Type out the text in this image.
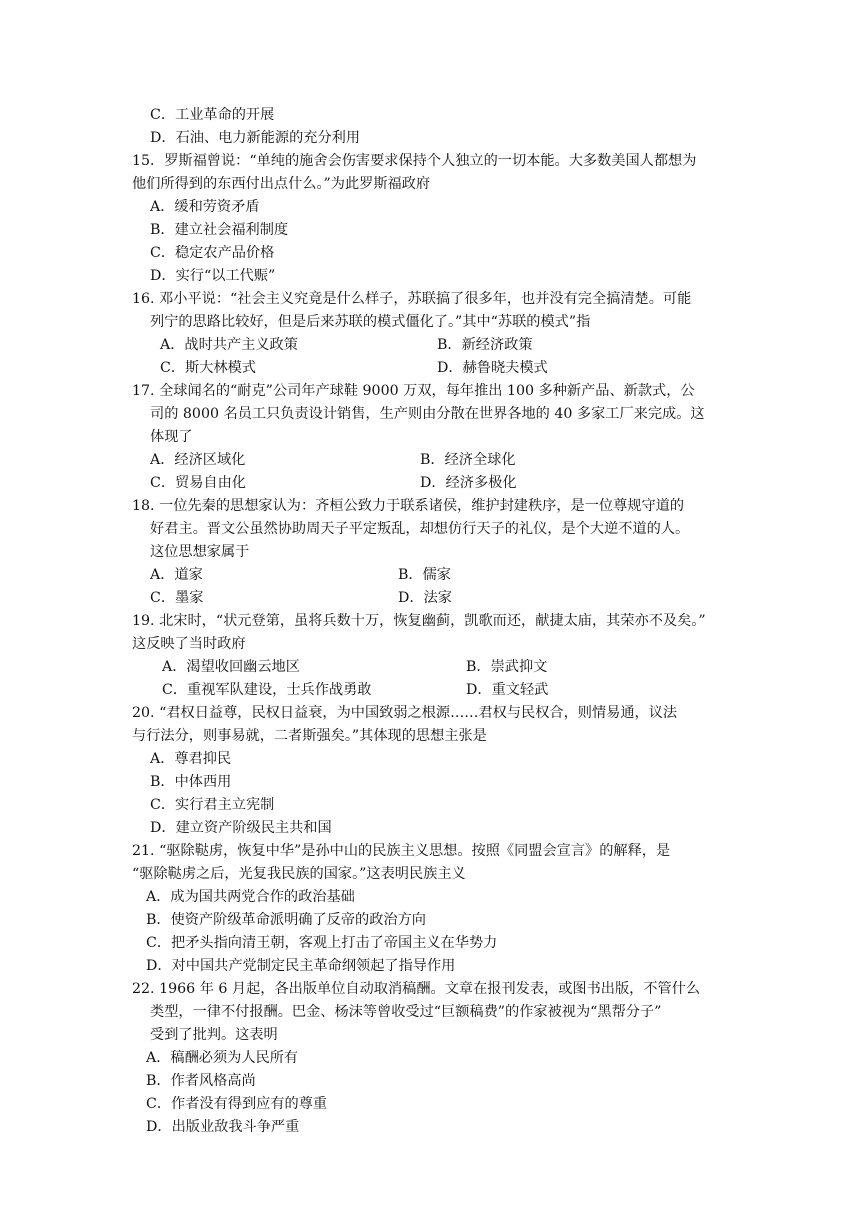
C．工业革命的开展
D．石油、电力新能源的充分利用
15．罗斯福曾说：“单纯的施舍会伤害要求保持个人独立的一切本能。大多数美国人都想为
他们所得到的东西付出点什么。”为此罗斯福政府
A．缓和劳资矛盾
B．建立社会福利制度
C．稳定农产品价格
D．实行“以工代赈”
16. 邓小平说：“社会主义究竟是什么样子，苏联搞了很多年，也并没有完全搞清楚。可能
列宁的思路比较好，但是后来苏联的模式僵化了。”其中“苏联的模式”指
A．战时共产主义政策	B．新经济政策
C．斯大林模式	D．赫鲁晓夫模式
17. 全球闻名的“耐克”公司年产球鞋 9000 万双，每年推出 100 多种新产品、新款式，公
司的 8000 名员工只负责设计销售，生产则由分散在世界各地的 40 多家工厂来完成。这
体现了
A．经济区域化	B．经济全球化
C．贸易自由化	D．经济多极化
18. 一位先秦的思想家认为：齐桓公致力于联系诸侯，维护封建秩序，是一位尊规守道的
好君主。晋文公虽然协助周天子平定叛乱，却想仿行天子的礼仪，是个大逆不道的人。
这位思想家属于
A．道家	B．儒家
C．墨家	D．法家
19. 北宋时，“状元登第，虽将兵数十万，恢复幽蓟，凯歌而还，献捷太庙，其荣亦不及矣。”
这反映了当时政府
A．渴望收回幽云地区	B．崇武抑文
C．重视军队建设，士兵作战勇敢	D．重文轻武
20. “君权日益尊，民权日益衰，为中国致弱之根源……君权与民权合，则情易通，议法
与行法分，则事易就，二者斯强矣。”其体现的思想主张是
A．尊君抑民
B．中体西用
C．实行君主立宪制
D．建立资产阶级民主共和国
21. “驱除鞑虏，恢复中华”是孙中山的民族主义思想。按照《同盟会宣言》的解释，是
“驱除鞑虏之后，光复我民族的国家。”这表明民族主义
A．成为国共两党合作的政治基础
B．使资产阶级革命派明确了反帝的政治方向
C．把矛头指向清王朝，客观上打击了帝国主义在华势力
D．对中国共产党制定民主革命纲领起了指导作用
22. 1966 年 6 月起，各出版单位自动取消稿酬。文章在报刊发表，或图书出版，不管什么
类型，一律不付报酬。巴金、杨沫等曾收受过“巨额稿费”的作家被视为“黑帮分子”
受到了批判。这表明
A．稿酬必须为人民所有
B．作者风格高尚
C．作者没有得到应有的尊重
D．出版业敌我斗争严重
